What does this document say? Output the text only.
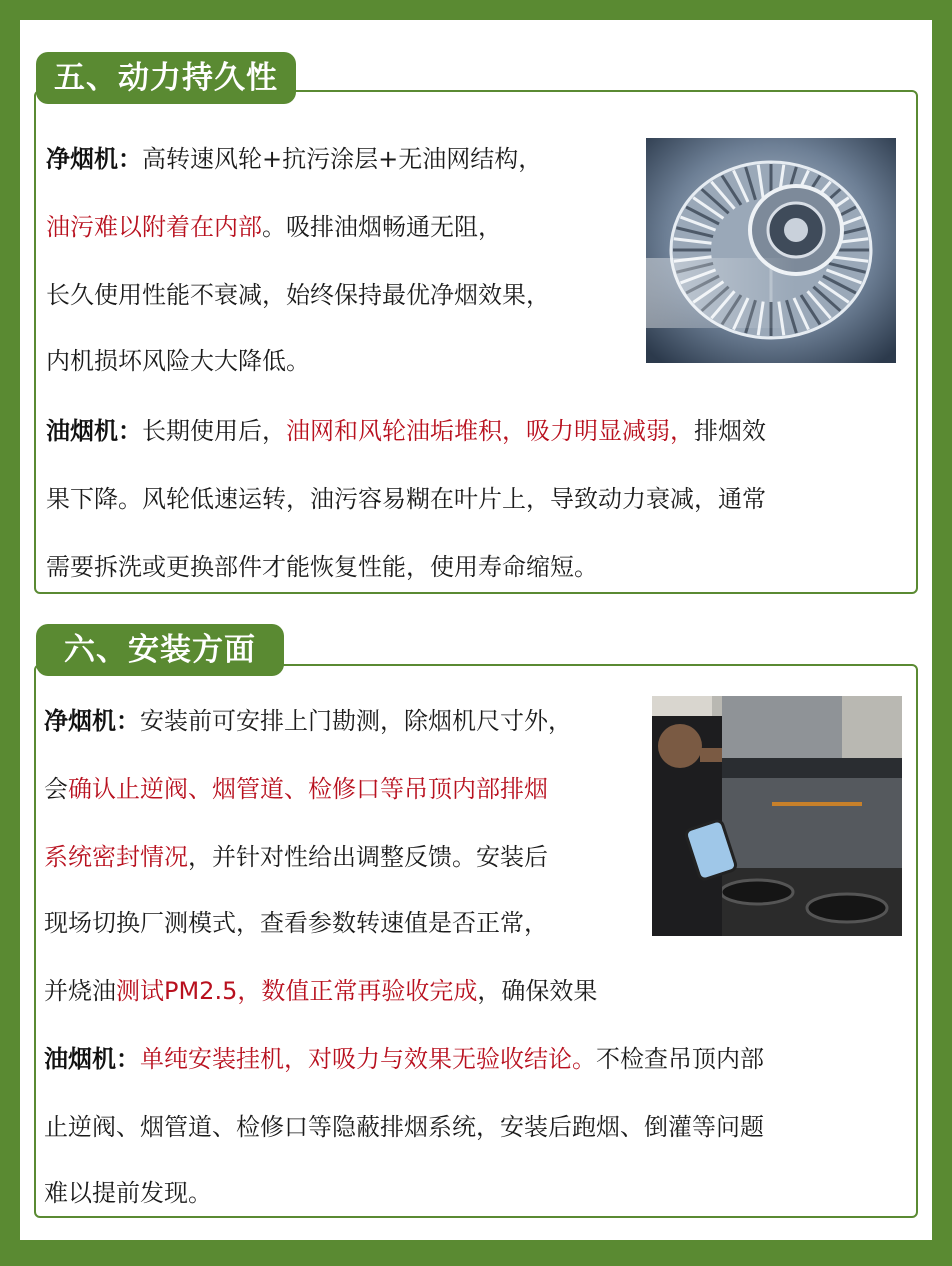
五、动力持久性
净烟机：高转速风轮+抗污涂层+无油网结构，
油污难以附着在内部。吸排油烟畅通无阻，
长久使用性能不衰减，始终保持最优净烟效果，
内机损坏风险大大降低。
油烟机：长期使用后，油网和风轮油垢堆积，吸力明显减弱，排烟效
果下降。风轮低速运转，油污容易糊在叶片上，导致动力衰减，通常
需要拆洗或更换部件才能恢复性能，使用寿命缩短。
六、安装方面
净烟机：安装前可安排上门勘测，除烟机尺寸外，
会确认止逆阀、烟管道、检修口等吊顶内部排烟
系统密封情况，并针对性给出调整反馈。安装后
现场切换厂测模式，查看参数转速值是否正常，
并烧油测试PM2.5，数值正常再验收完成，确保效果
油烟机：单纯安装挂机，对吸力与效果无验收结论。不检查吊顶内部
止逆阀、烟管道、检修口等隐蔽排烟系统，安装后跑烟、倒灌等问题
难以提前发现。
